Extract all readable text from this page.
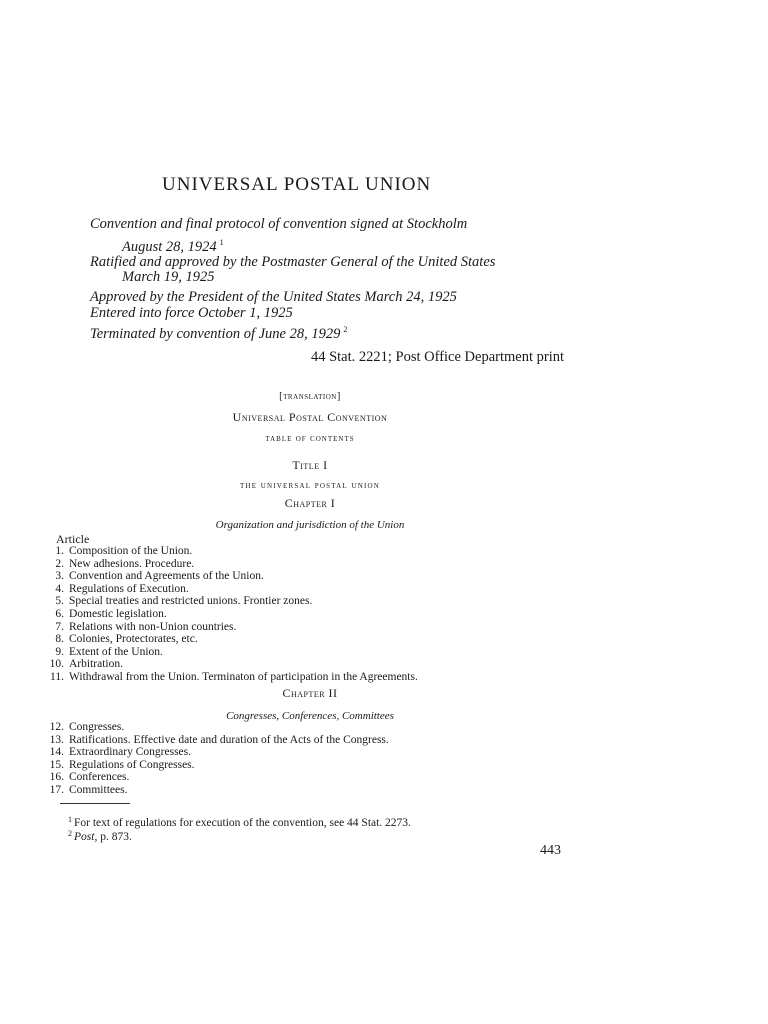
UNIVERSAL POSTAL UNION
Convention and final protocol of convention signed at Stockholm
August 28, 1924 $^1$
Ratified and approved by the Postmaster General of the United States
March 19, 1925
Approved by the President of the United States March 24, 1925
Entered into force October 1, 1925
Terminated by convention of June 28, 1929 $^2$
44 Stat. 2221; Post Office Department print
[translation]
Universal Postal Convention
table of contents
Title I
the universal postal union
Chapter I
Organization and jurisdiction of the Union
Article
1. Composition of the Union.
2. New adhesions. Procedure.
3. Convention and Agreements of the Union.
4. Regulations of Execution.
5. Special treaties and restricted unions. Frontier zones.
6. Domestic legislation.
7. Relations with non-Union countries.
8. Colonies, Protectorates, etc.
9. Extent of the Union.
10. Arbitration.
11. Withdrawal from the Union. Terminaton of participation in the Agreements.
Chapter II
Congresses, Conferences, Committees
12. Congresses.
13. Ratifications. Effective date and duration of the Acts of the Congress.
14. Extraordinary Congresses.
15. Regulations of Congresses.
16. Conferences.
17. Committees.
$^1$ For text of regulations for execution of the convention, see 44 Stat. 2273.
$^2$ Post, p. 873.
443
